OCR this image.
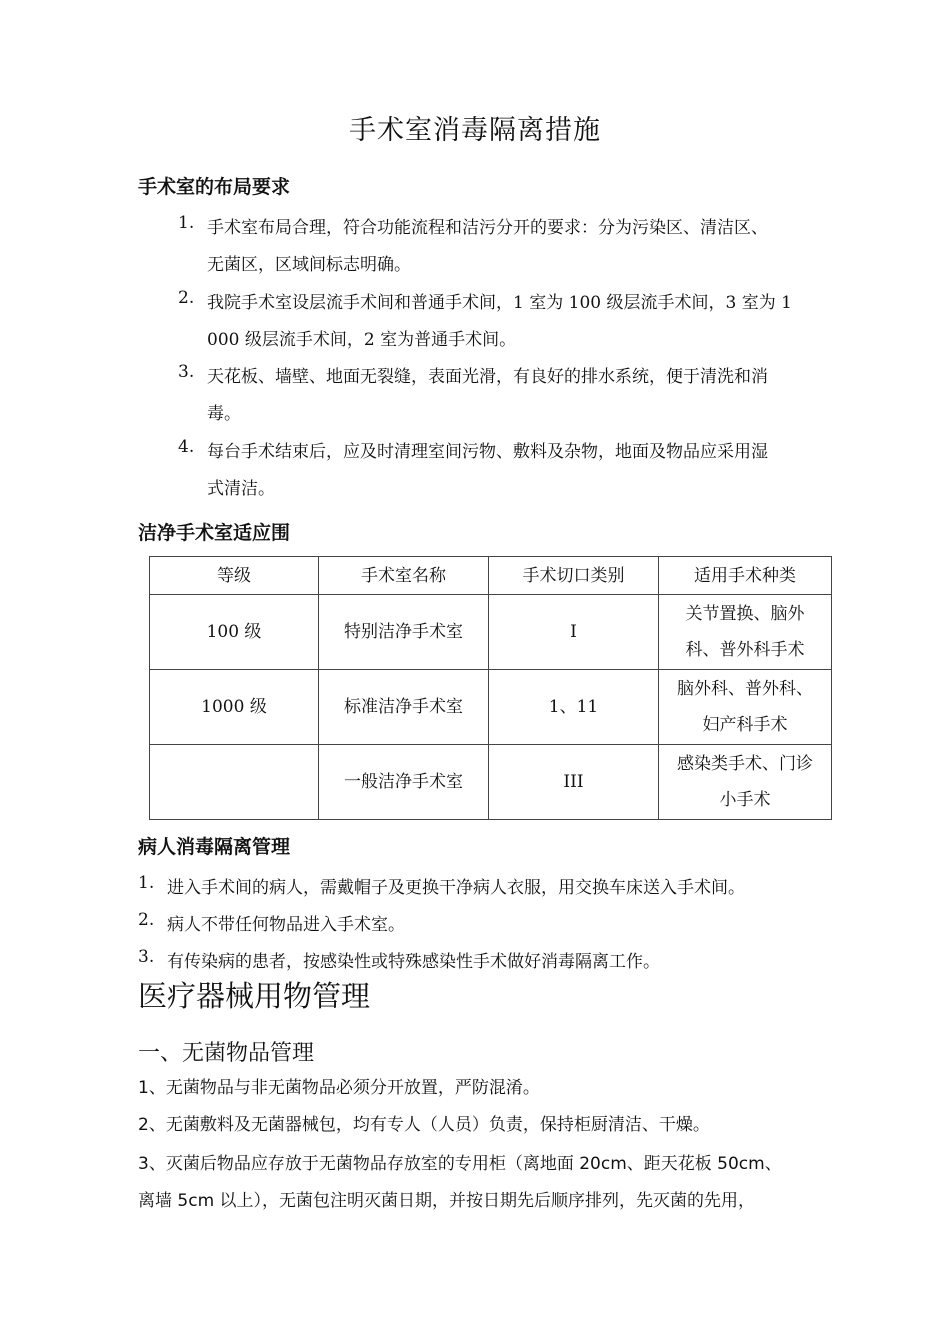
手术室消毒隔离措施
手术室的布局要求
1. 手术室布局合理，符合功能流程和洁污分开的要求：分为污染区、清洁区、
无菌区，区域间标志明确。
2. 我院手术室设层流手术间和普通手术间，1 室为 100 级层流手术间，3 室为 1
000 级层流手术间，2 室为普通手术间。
3. 天花板、墙壁、地面无裂缝，表面光滑，有良好的排水系统，便于清洗和消
毒。
4. 每台手术结束后，应及时清理室间污物、敷料及杂物，地面及物品应采用湿
式清洁。
洁净手术室适应围
等级	手术室名称	手术切口类别	适用手术种类
100 级	特别洁净手术室	I	关节置换、脑外
科、普外科手术

1000 级	标准洁净手术室	1、11	脑外科、普外科、
妇产科手术

	一般洁净手术室	III	感染类手术、门诊
小手术
病人消毒隔离管理
1. 进入手术间的病人，需戴帽子及更换干净病人衣服，用交换车床送入手术间。
2. 病人不带任何物品进入手术室。
3. 有传染病的患者，按感染性或特殊感染性手术做好消毒隔离工作。
医疗器械用物管理
一、无菌物品管理
1、无菌物品与非无菌物品必须分开放置，严防混淆。
2、无菌敷料及无菌器械包，均有专人（人员）负责，保持柜厨清洁、干燥。
3、灭菌后物品应存放于无菌物品存放室的专用柜（离地面 20cm、距天花板 50cm、
离墙 5cm 以上），无菌包注明灭菌日期，并按日期先后顺序排列，先灭菌的先用，
